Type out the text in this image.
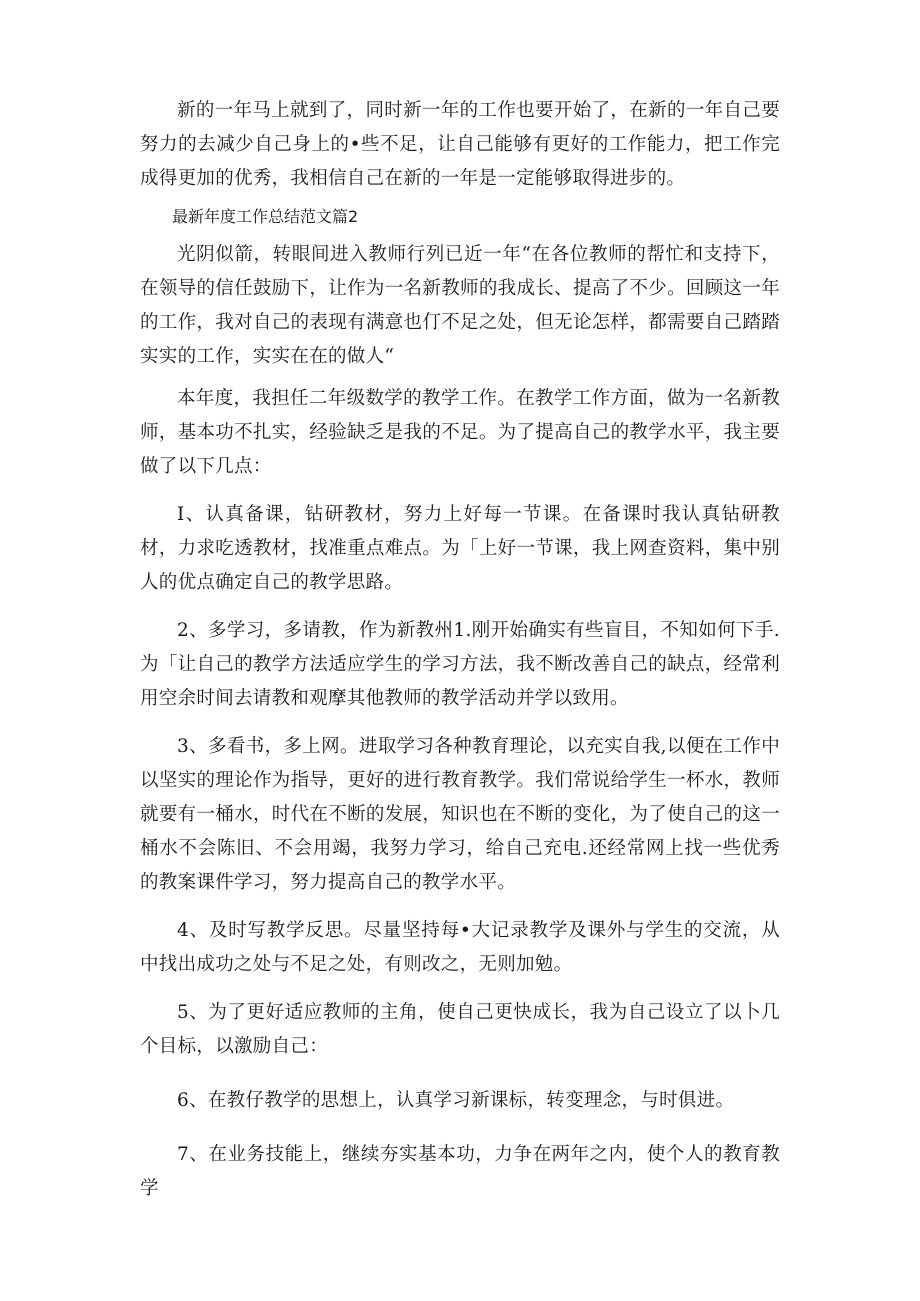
新的一年马上就到了，同时新一年的工作也要开始了，在新的一年自己要努力的去减少自己身上的•些不足，让自己能够有更好的工作能力，把工作完成得更加的优秀，我相信自己在新的一年是一定能够取得进步的。

最新年度工作总结范文篇2

光阴似箭，转眼间进入教师行列已近一年“在各位教师的帮忙和支持下，在领导的信任鼓励下，让作为一名新教师的我成长、提高了不少。回顾这一年的工作，我对自己的表现有满意也仃不足之处，但无论怎样，都需要自己踏踏实实的工作，实实在在的做人“

本年度，我担任二年级数学的教学工作。在教学工作方面，做为一名新教师，基本功不扎实，经验缺乏是我的不足。为了提高自己的教学水平，我主要做了以下几点：

I、认真备课，钻研教材，努力上好每一节课。在备课时我认真钻研教材，力求吃透教材，找准重点难点。为「上好一节课，我上网查资料，集中别人的优点确定自己的教学思路。

2、多学习，多请教，作为新教州1.刚开始确实有些盲目，不知如何下手.为「让自己的教学方法适应学生的学习方法，我不断改善自己的缺点，经常利用空余时间去请教和观摩其他教师的教学活动并学以致用。

3、多看书，多上网。进取学习各种教育理论，以充实自我,以便在工作中以坚实的理论作为指导，更好的进行教育教学。我们常说给学生一杯水，教师就要有一桶水，时代在不断的发展，知识也在不断的变化，为了使自己的这一桶水不会陈旧、不会用竭，我努力学习，给自己充电.还经常网上找一些优秀的教案课件学习，努力提高自己的教学水平。

4、及时写教学反思。尽量坚持每•大记录教学及课外与学生的交流，从中找出成功之处与不足之处，有则改之，无则加勉。

5、为了更好适应教师的主角，使自己更快成长，我为自己设立了以卜几个目标，以激励自己：

6、在教仔教学的思想上，认真学习新课标，转变理念，与时俱进。

7、在业务技能上，继续夯实基本功，力争在两年之内，使个人的教育教学
